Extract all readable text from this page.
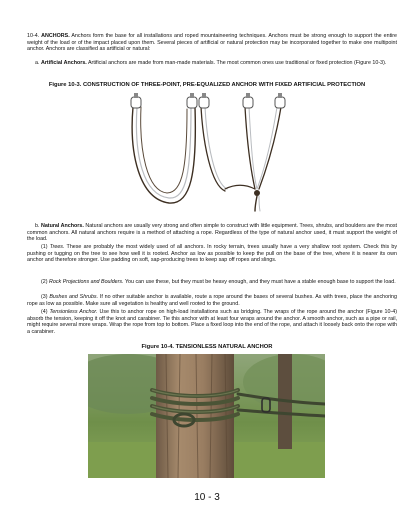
10-4. ANCHORS. Anchors form the base for all installations and roped mountaineering techniques. Anchors must be strong enough to support the entire weight of the load or of the impact placed upon them. Several pieces of artificial or natural protection may be incorporated together to make one multipoint anchor. Anchors are classified as artificial or natural:

a. Artificial Anchors. Artificial anchors are made from man-made materials. The most common ones use traditional or fixed protection (Figure 10-3).

Figure 10-3. CONSTRUCTION OF THREE-POINT, PRE-EQUALIZED ANCHOR WITH FIXED ARTIFICIAL PROTECTION

b. Natural Anchors. Natural anchors are usually very strong and often simple to construct with little equipment. Trees, shrubs, and boulders are the most common anchors. All natural anchors require is a method of attaching a rope. Regardless of the type of natural anchor used, it must support the weight of the load.

(1) Trees. These are probably the most widely used of all anchors. In rocky terrain, trees usually have a very shallow root system. Check this by pushing or tugging on the tree to see how well it is rooted. Anchor as low as possible to keep the pull on the base of the tree, where it is nearer its own anchor and therefore stronger. Use padding on soft, sap-producing trees to keep sap off ropes and slings.

(2) Rock Projections and Boulders. You can use these, but they must be heavy enough, and they must have a stable enough base to support the load.

(3) Bushes and Shrubs. If no other suitable anchor is available, route a rope around the bases of several bushes. As with trees, place the anchoring rope as low as possible. Make sure all vegetation is healthy and well rooted to the ground.

(4) Tensionless Anchor. Use this to anchor rope on high-load installations such as bridging. The wraps of the rope around the anchor (Figure 10-4) absorb the tension, keeping it off the knot and carabiner. Tie this anchor with at least four wraps around the anchor. A smooth anchor, such as a pipe or rail, might require several more wraps. Wrap the rope from top to bottom. Place a fixed loop into the end of the rope, and attach it loosely back onto the rope with a carabiner.

Figure 10-4. TENSIONLESS NATURAL ANCHOR

10 - 3
